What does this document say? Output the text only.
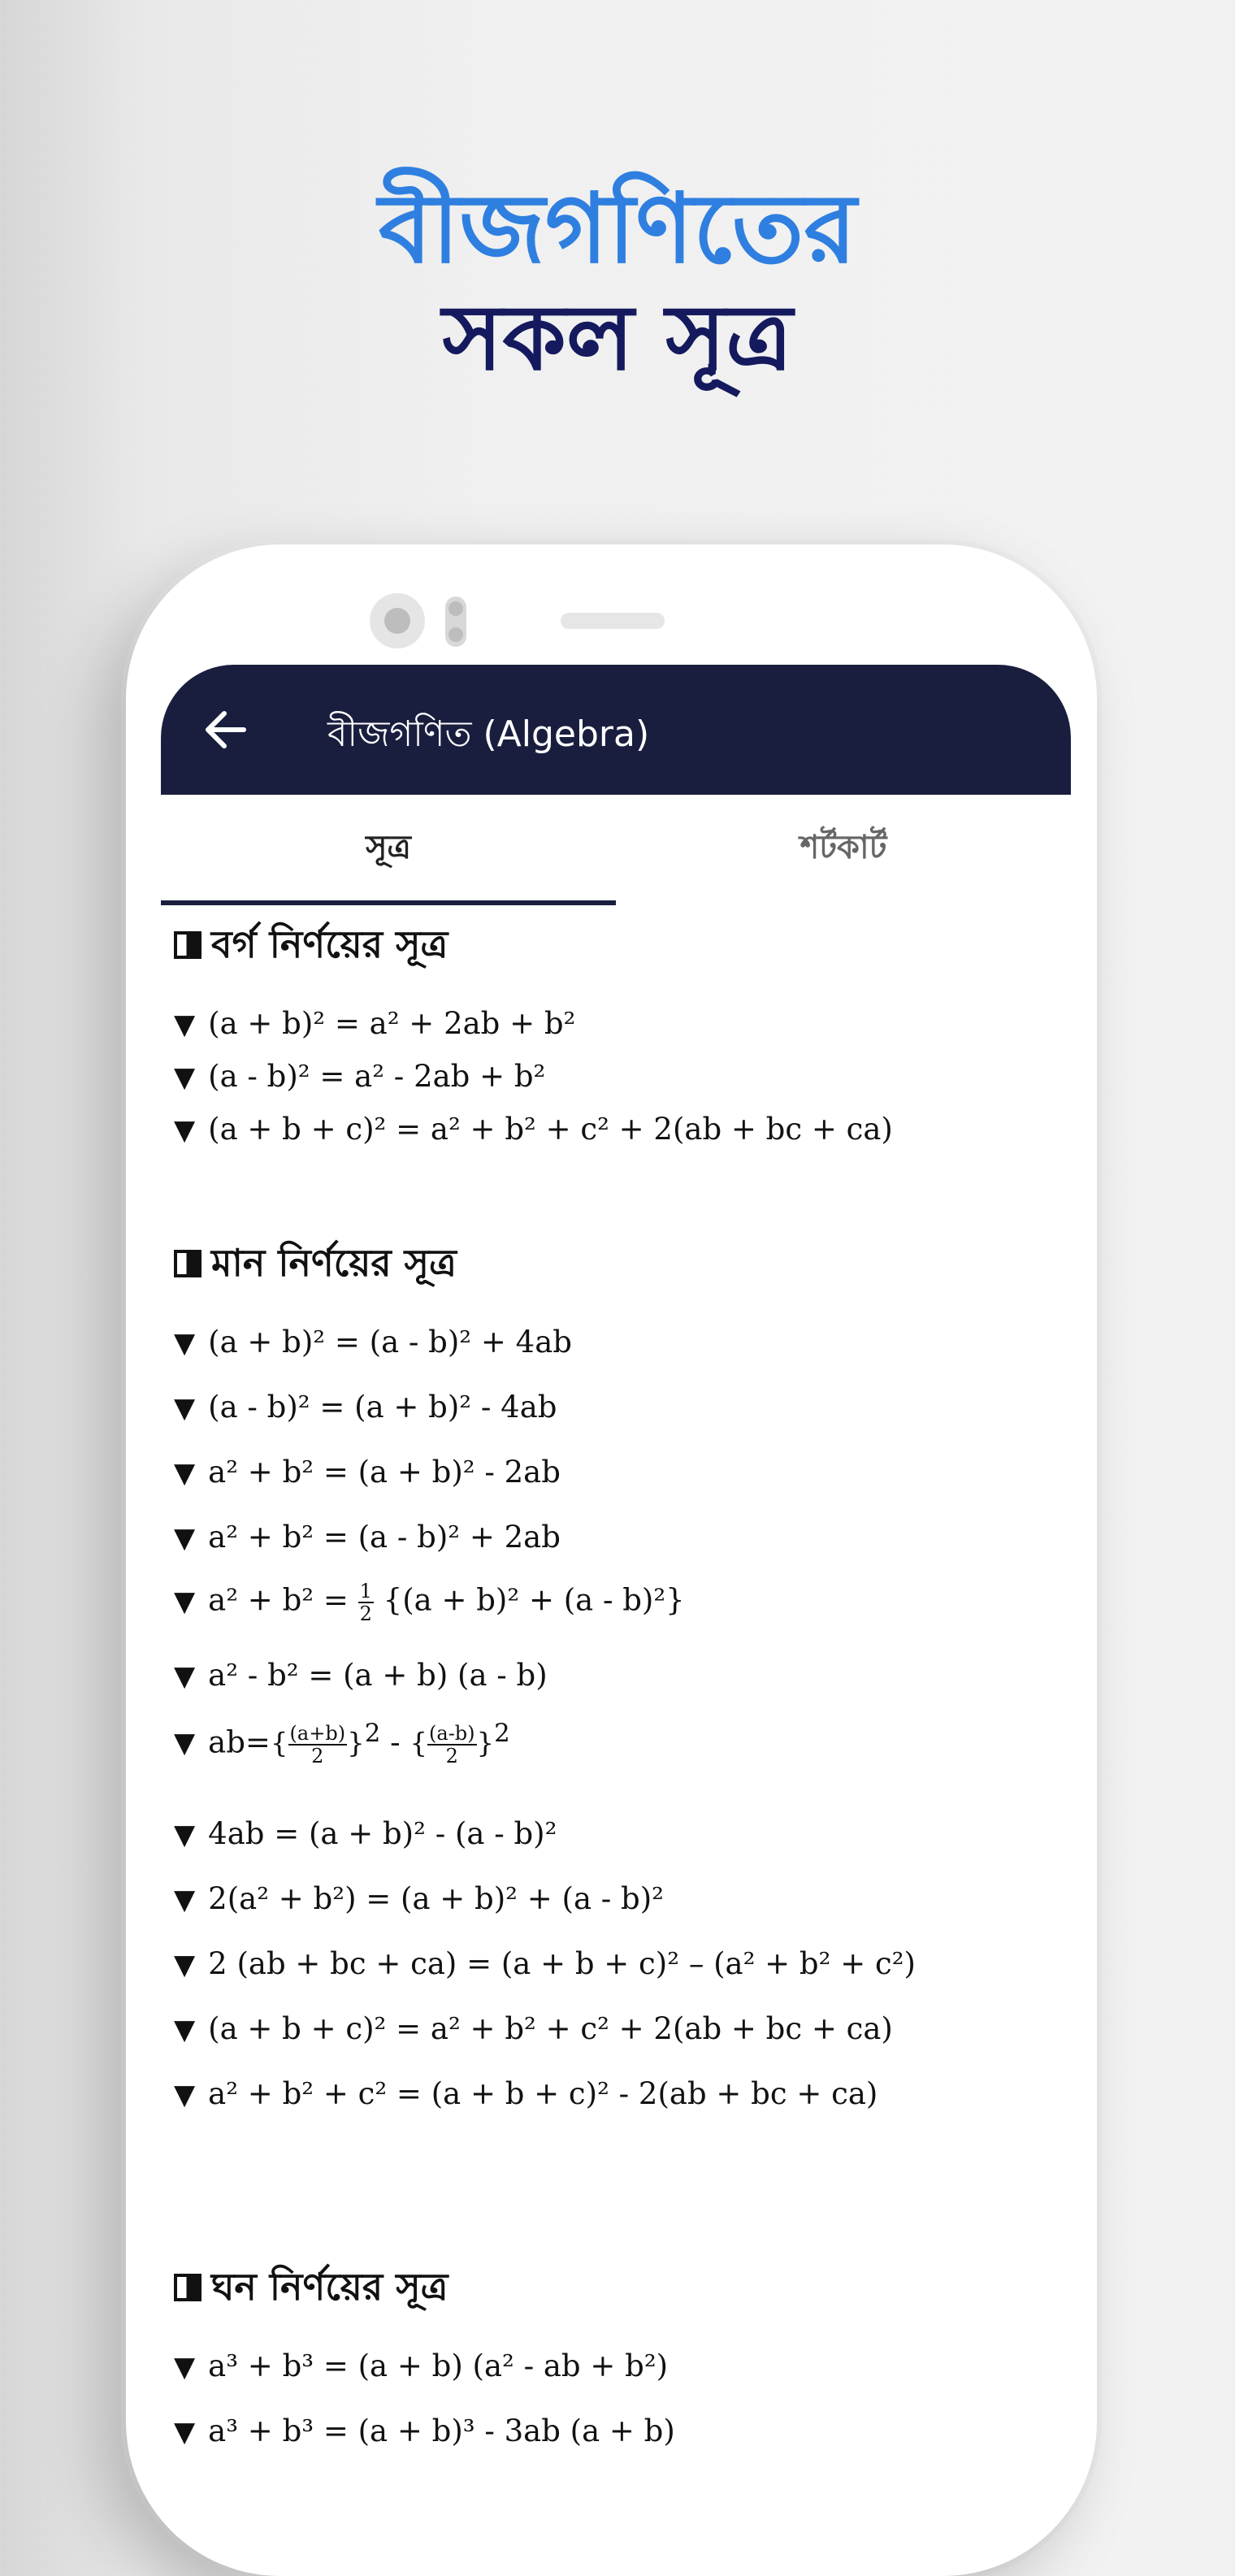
বীজগণিতের
সকল সূত্র
বীজগণিত (Algebra)
সূত্র	শর্টকার্ট
বর্গ নির্ণয়ের সূত্র
▼ (a + b)² = a² + 2ab + b²
▼ (a - b)² = a² - 2ab + b²
▼ (a + b + c)² = a² + b² + c² + 2(ab + bc + ca)
মান নির্ণয়ের সূত্র
▼ (a + b)² = (a - b)² + 4ab
▼ (a - b)² = (a + b)² - 4ab
▼ a² + b² = (a + b)² - 2ab
▼ a² + b² = (a - b)² + 2ab
▼ $a^2 + b^2 = \frac{1}{2} \{(a + b)^2 + (a - b)^2\}$
▼ a² - b² = (a + b) (a - b)
▼ $ab=\{ \frac{(a+b)}{2} \}^2$ - { $\frac{(a-b)}{2} \}^2$
▼ 4ab = (a + b)² - (a - b)²
▼ 2(a² + b²) = (a + b)² + (a - b)²
▼ 2 (ab + bc + ca) = (a + b + c)² – (a² + b² + c²)
▼ (a + b + c)² = a² + b² + c² + 2(ab + bc + ca)
▼ a² + b² + c² = (a + b + c)² - 2(ab + bc + ca)
ঘন নির্ণয়ের সূত্র
▼ a³ + b³ = (a + b) (a² - ab + b²)
▼ a³ + b³ = (a + b)³ - 3ab (a + b)
